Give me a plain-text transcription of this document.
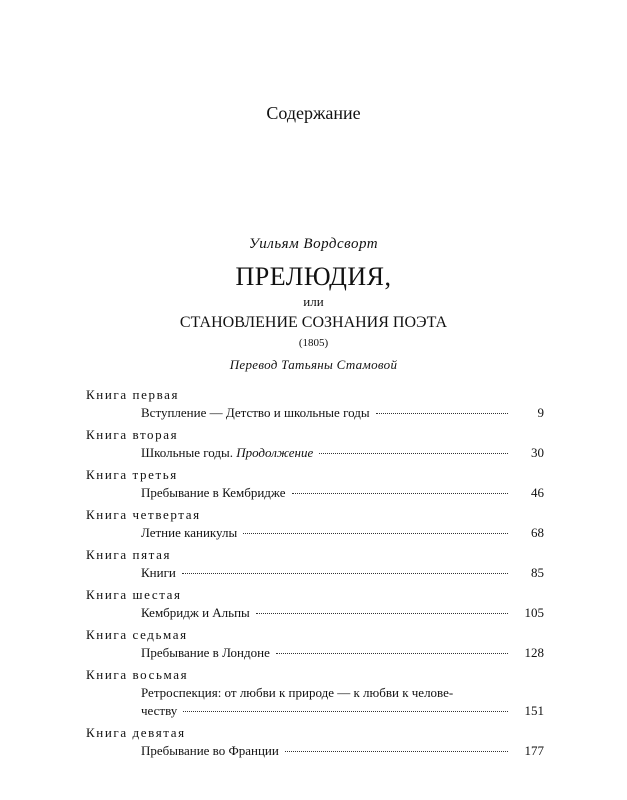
Содержание
Уильям Вордсворт
ПРЕЛЮДИЯ,
или
СТАНОВЛЕНИЕ СОЗНАНИЯ ПОЭТА
(1805)
Перевод Татьяны Стамовой
Книга первая
Вступление — Детство и школьные годы	9
Книга вторая
Школьные годы. Продолжение	30
Книга третья
Пребывание в Кембридже	46
Книга четвертая
Летние каникулы	68
Книга пятая
Книги	85
Книга шестая
Кембридж и Альпы	105
Книга седьмая
Пребывание в Лондоне	128
Книга восьмая
Ретроспекция: от любви к природе — к любви к челове-
честву	151
Книга девятая
Пребывание во Франции	177
